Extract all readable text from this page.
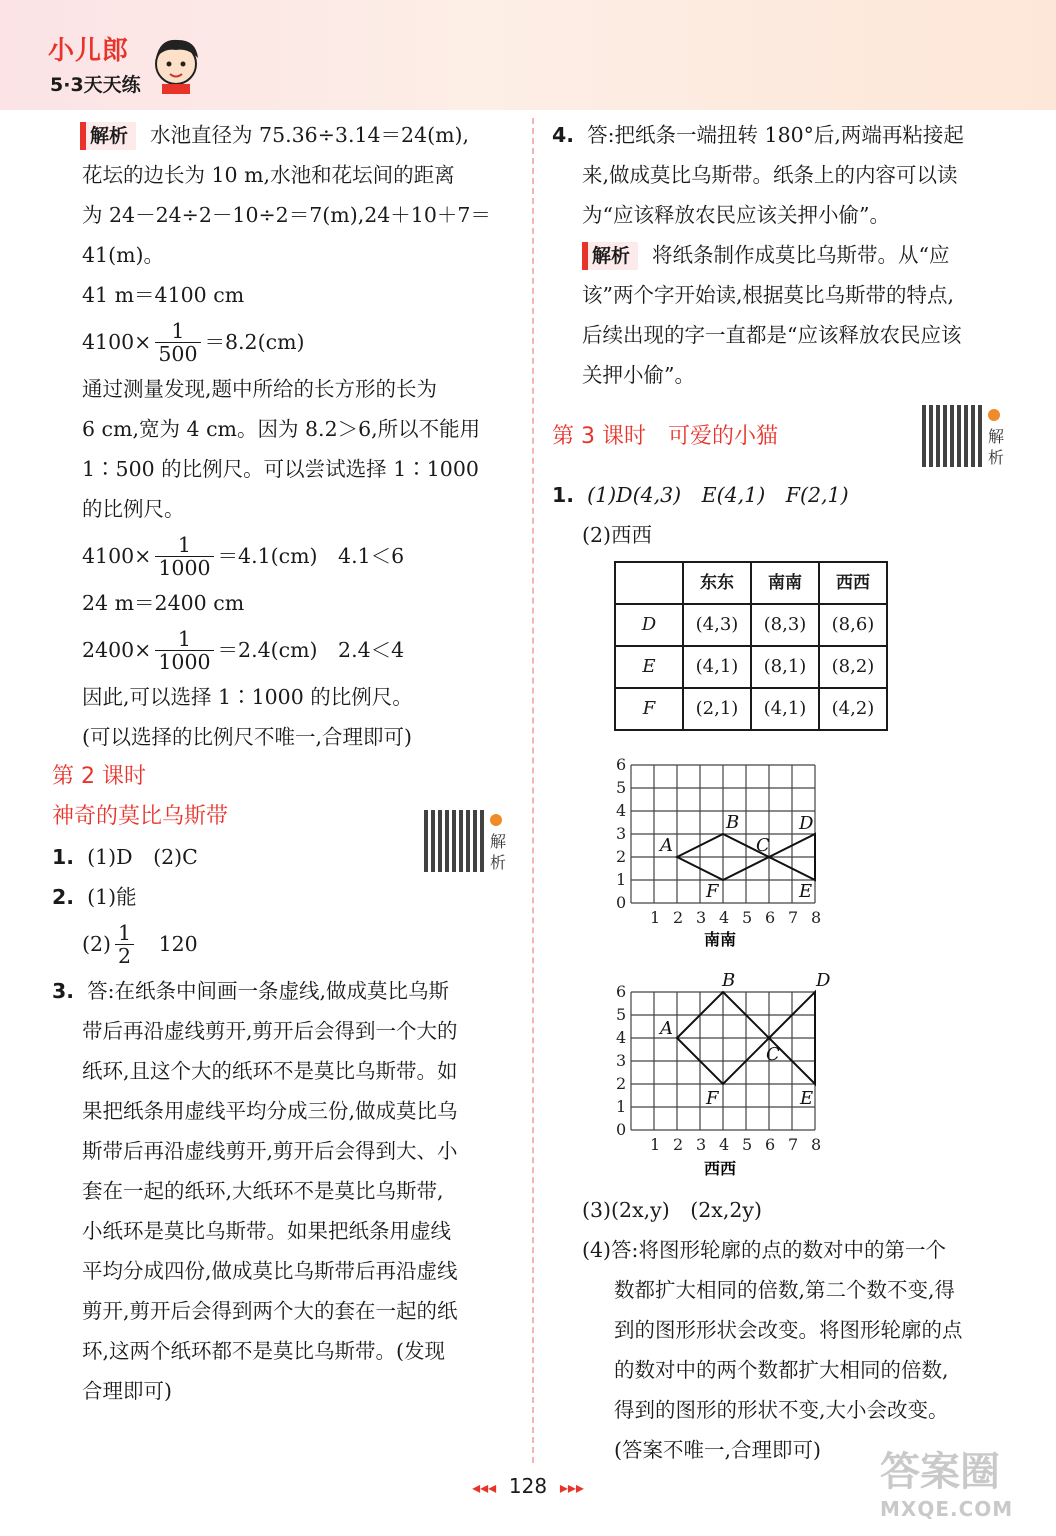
小儿郎
5·3天天练

解析 水池直径为 75.36÷3.14＝24(m),

花坛的边长为 10 m,水池和花坛间的距离

为 24－24÷2－10÷2＝7(m),24＋10＋7＝

41(m)。

41 m＝4100 cm

$4100\times \frac{1}{500} =8.2(cm)$

通过测量发现,题中所给的长方形的长为

6 cm,宽为 4 cm。因为 8.2＞6,所以不能用

1∶500 的比例尺。可以尝试选择 1∶1000

的比例尺。

$4100\times \frac{1}{1000} =4.1(cm)$　4.1＜6

24 m＝2400 cm

$2400\times \frac{1}{1000} =2.4(cm)$　2.4＜4

因此,可以选择 1∶1000 的比例尺。

(可以选择的比例尺不唯一,合理即可)

第 2 课时

神奇的莫比乌斯带

1. (1)D　(2)C

2. (1)能

$(2) \frac{1}{2}$ 　120

3. 答:在纸条中间画一条虚线,做成莫比乌斯

带后再沿虚线剪开,剪开后会得到一个大的

纸环,且这个大的纸环不是莫比乌斯带。如

果把纸条用虚线平均分成三份,做成莫比乌

斯带后再沿虚线剪开,剪开后会得到大、小

套在一起的纸环,大纸环不是莫比乌斯带,

小纸环是莫比乌斯带。如果把纸条用虚线

平均分成四份,做成莫比乌斯带后再沿虚线

剪开,剪开后会得到两个大的套在一起的纸

环,这两个纸环都不是莫比乌斯带。(发现

合理即可)

解析
解析

4. 答:把纸条一端扭转 180°后,两端再粘接起

来,做成莫比乌斯带。纸条上的内容可以读

为“应该释放农民应该关押小偷”。

解析 将纸条制作成莫比乌斯带。从“应

该”两个字开始读,根据莫比乌斯带的特点,

后续出现的字一直都是“应该释放农民应该

关押小偷”。

第 3 课时　可爱的小猫

1. (1)D(4,3)　E(4,1)　F(2,1)

(2)西西

	东东	南南	西西
D	(4,3)	(8,3)	(8,6)
E	(4,1)	(8,1)	(8,2)
F	(2,1)	(4,1)	(4,2)
6
5
4
3
2
1
0
1 2 3 4 5 6 7 8
A
B
C
D
E
F
南南
6
5
4
3
2
1
0
1 2 3 4 5 6 7 8
A
B
C
D
E
F
西西

(3)(2x,y)　(2x,2y)

(4)答:将图形轮廓的点的数对中的第一个

数都扩大相同的倍数,第二个数不变,得

到的图形形状会改变。将图形轮廓的点

的数对中的两个数都扩大相同的倍数,

得到的图形的形状不变,大小会改变。

(答案不唯一,合理即可)

◂◂◂ 128 ▸▸▸	答案圈
MXQE.COM
